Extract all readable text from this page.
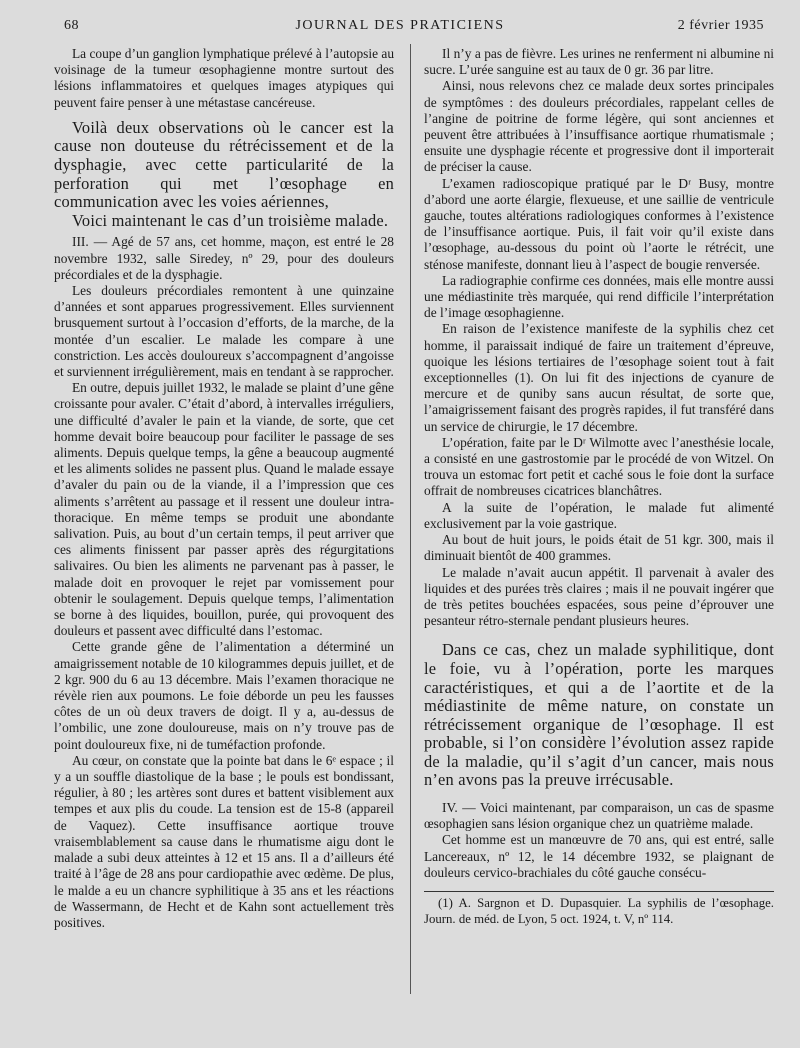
68	JOURNAL DES PRATICIENS	2 février 1935

La coupe d’un ganglion lymphatique prélevé à l’autopsie au voisinage de la tumeur œsophagienne montre surtout des lésions inflammatoires et quelques images atypiques qui peuvent faire penser à une métastase cancéreuse.

Voilà deux observations où le cancer est la cause non douteuse du rétrécissement et de la dysphagie, avec cette particularité de la perforation qui met l’œsophage en communication avec les voies aériennes,

Voici maintenant le cas d’un troisième malade.

III. — Agé de 57 ans, cet homme, maçon, est entré le 28 novembre 1932, salle Siredey, nº 29, pour des douleurs précordiales et de la dysphagie.

Les douleurs précordiales remontent à une quinzaine d’années et sont apparues progressivement. Elles surviennent brusquement surtout à l’occasion d’efforts, de la marche, de la montée d’un escalier. Le malade les compare à une constriction. Les accès douloureux s’accompagnent d’angoisse et surviennent irrégulièrement, mais en tendant à se rapprocher.

En outre, depuis juillet 1932, le malade se plaint d’une gêne croissante pour avaler. C’était d’abord, à intervalles irréguliers, une difficulté d’avaler le pain et la viande, de sorte, que cet homme devait boire beaucoup pour faciliter le passage de ses aliments. Depuis quelque temps, la gêne a beaucoup augmenté et les aliments solides ne passent plus. Quand le malade essaye d’avaler du pain ou de la viande, il a l’impression que ces aliments s’arrêtent au passage et il ressent une douleur intra-thoracique. En même temps se produit une abondante salivation. Puis, au bout d’un certain temps, il peut arriver que ces aliments finissent par passer après des régurgitations salivaires. Ou bien les aliments ne parvenant pas à passer, le malade doit en provoquer le rejet par vomissement pour obtenir le soulagement. Depuis quelque temps, l’alimentation se borne à des liquides, bouillon, purée, qui provoquent des douleurs et passent avec difficulté dans l’estomac.

Cette grande gêne de l’alimentation a déterminé un amaigrissement notable de 10 kilogrammes depuis juillet, et de 2 kgr. 900 du 6 au 13 décembre. Mais l’examen thoracique ne révèle rien aux poumons. Le foie déborde un peu les fausses côtes de un où deux travers de doigt. Il y a, au-dessus de l’ombilic, une zone douloureuse, mais on n’y trouve pas de point douloureux fixe, ni de tuméfaction profonde.

Au cœur, on constate que la pointe bat dans le 6ᵉ espace ; il y a un souffle diastolique de la base ; le pouls est bondissant, régulier, à 80 ; les artères sont dures et battent visiblement aux tempes et aux plis du coude. La tension est de 15-8 (appareil de Vaquez). Cette insuffisance aortique trouve vraisemblablement sa cause dans le rhumatisme aigu dont le malade a subi deux atteintes à 12 et 15 ans. Il a d’ailleurs été traité à l’âge de 28 ans pour cardiopathie avec œdème. De plus, le malde a eu un chancre syphilitique à 35 ans et les réactions de Wassermann, de Hecht et de Kahn sont actuellement très positives.

Il n’y a pas de fièvre. Les urines ne renferment ni albumine ni sucre. L’urée sanguine est au taux de 0 gr. 36 par litre.

Ainsi, nous relevons chez ce malade deux sortes principales de symptômes : des douleurs précordiales, rappelant celles de l’angine de poitrine de forme légère, qui sont anciennes et peuvent être attribuées à l’insuffisance aortique rhumatismale ; ensuite une dysphagie récente et progressive dont il importerait de préciser la cause.

L’examen radioscopique pratiqué par le Dʳ Busy, montre d’abord une aorte élargie, flexueuse, et une saillie de ventricule gauche, toutes altérations radiologiques conformes à l’existence de l’insuffisance aortique. Puis, il fait voir qu’il existe dans l’œsophage, au-dessous du point où l’aorte le rétrécit, une sténose manifeste, donnant lieu à l’aspect de bougie renversée.

La radiographie confirme ces données, mais elle montre aussi une médiastinite très marquée, qui rend difficile l’interprétation de l’image œsophagienne.

En raison de l’existence manifeste de la syphilis chez cet homme, il paraissait indiqué de faire un traitement d’épreuve, quoique les lésions tertiaires de l’œsophage soient tout à fait exceptionnelles (1). On lui fit des injections de cyanure de mercure et de quniby sans aucun résultat, de sorte que, l’amaigrissement faisant des progrès rapides, il fut transféré dans un service de chirurgie, le 17 décembre.

L’opération, faite par le Dʳ Wilmotte avec l’anesthésie locale, a consisté en une gastrostomie par le procédé de von Witzel. On trouva un estomac fort petit et caché sous le foie dont la surface offrait de nombreuses cicatrices blanchâtres.

A la suite de l’opération, le malade fut alimenté exclusivement par la voie gastrique.

Au bout de huit jours, le poids était de 51 kgr. 300, mais il diminuait bientôt de 400 grammes.

Le malade n’avait aucun appétit. Il parvenait à avaler des liquides et des purées très claires ; mais il ne pouvait ingérer que de très petites bouchées espacées, sous peine d’éprouver une pesanteur rétro-sternale pendant plusieurs heures.

Dans ce cas, chez un malade syphilitique, dont le foie, vu à l’opération, porte les marques caractéristiques, et qui a de l’aortite et de la médiastinite de même nature, on constate un rétrécissement organique de l’œsophage. Il est probable, si l’on considère l’évolution assez rapide de la maladie, qu’il s’agit d’un cancer, mais nous n’en avons pas la preuve irrécusable.

IV. — Voici maintenant, par comparaison, un cas de spasme œsophagien sans lésion organique chez un quatrième malade.

Cet homme est un manœuvre de 70 ans, qui est entré, salle Lancereaux, nº 12, le 14 décembre 1932, se plaignant de douleurs cervico-brachiales du côté gauche consécu-

(1) A. Sargnon et D. Dupasquier. La syphilis de l’œsophage. Journ. de méd. de Lyon, 5 oct. 1924, t. V, nº 114.
